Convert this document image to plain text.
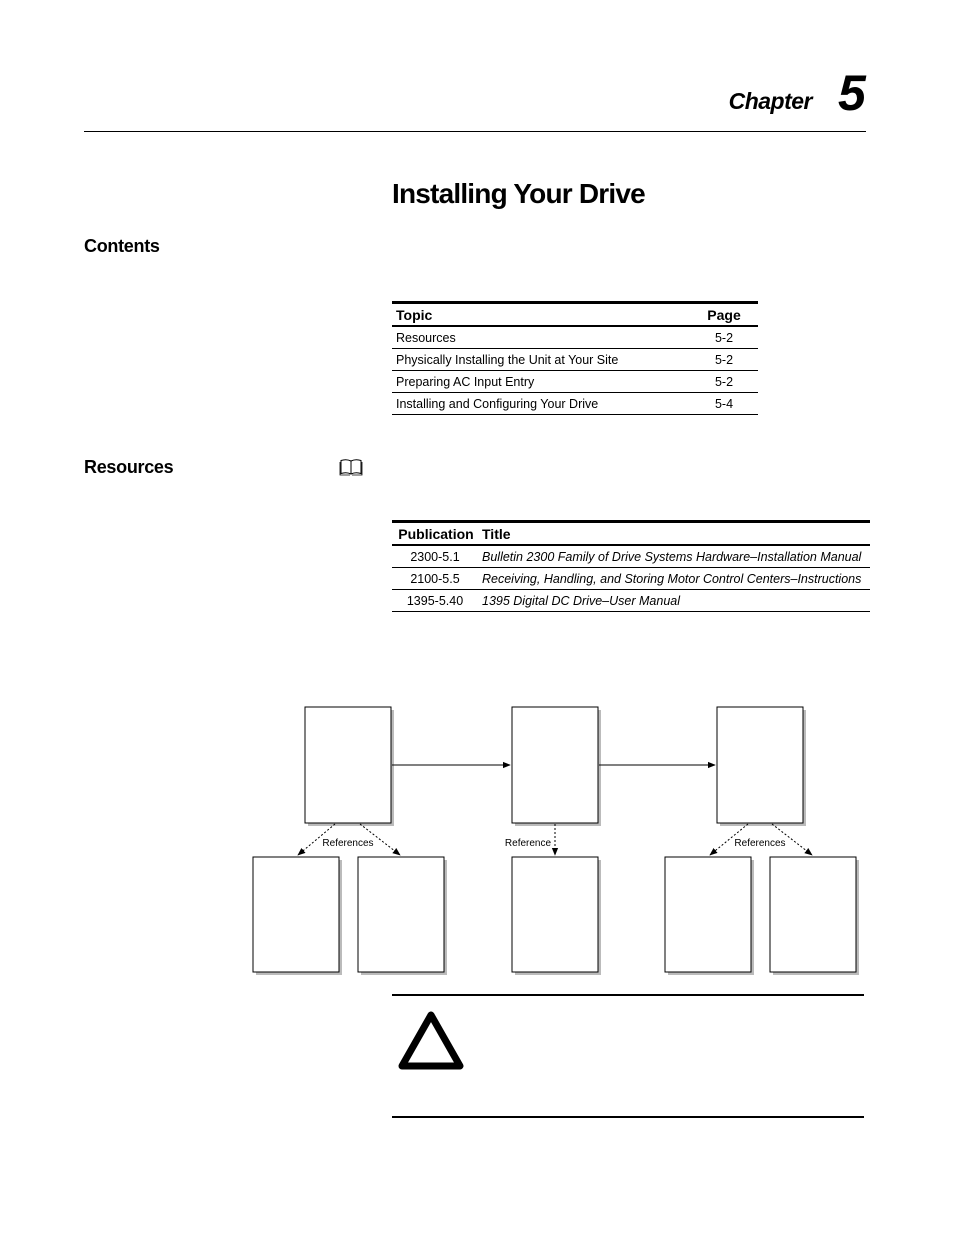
Chapter 5
Installing Your Drive
Contents
Topic	Page
Resources	5-2
Physically Installing the Unit at Your Site	5-2
Preparing AC Input Entry	5-2
Installing and Configuring Your Drive	5-4
Resources
Publication	Title
2300-5.1	Bulletin 2300 Family of Drive Systems Hardware–Installation Manual
2100-5.5	Receiving, Handling, and Storing Motor Control Centers–Instructions
1395-5.40	1395 Digital DC Drive–User Manual
References	Reference	References
